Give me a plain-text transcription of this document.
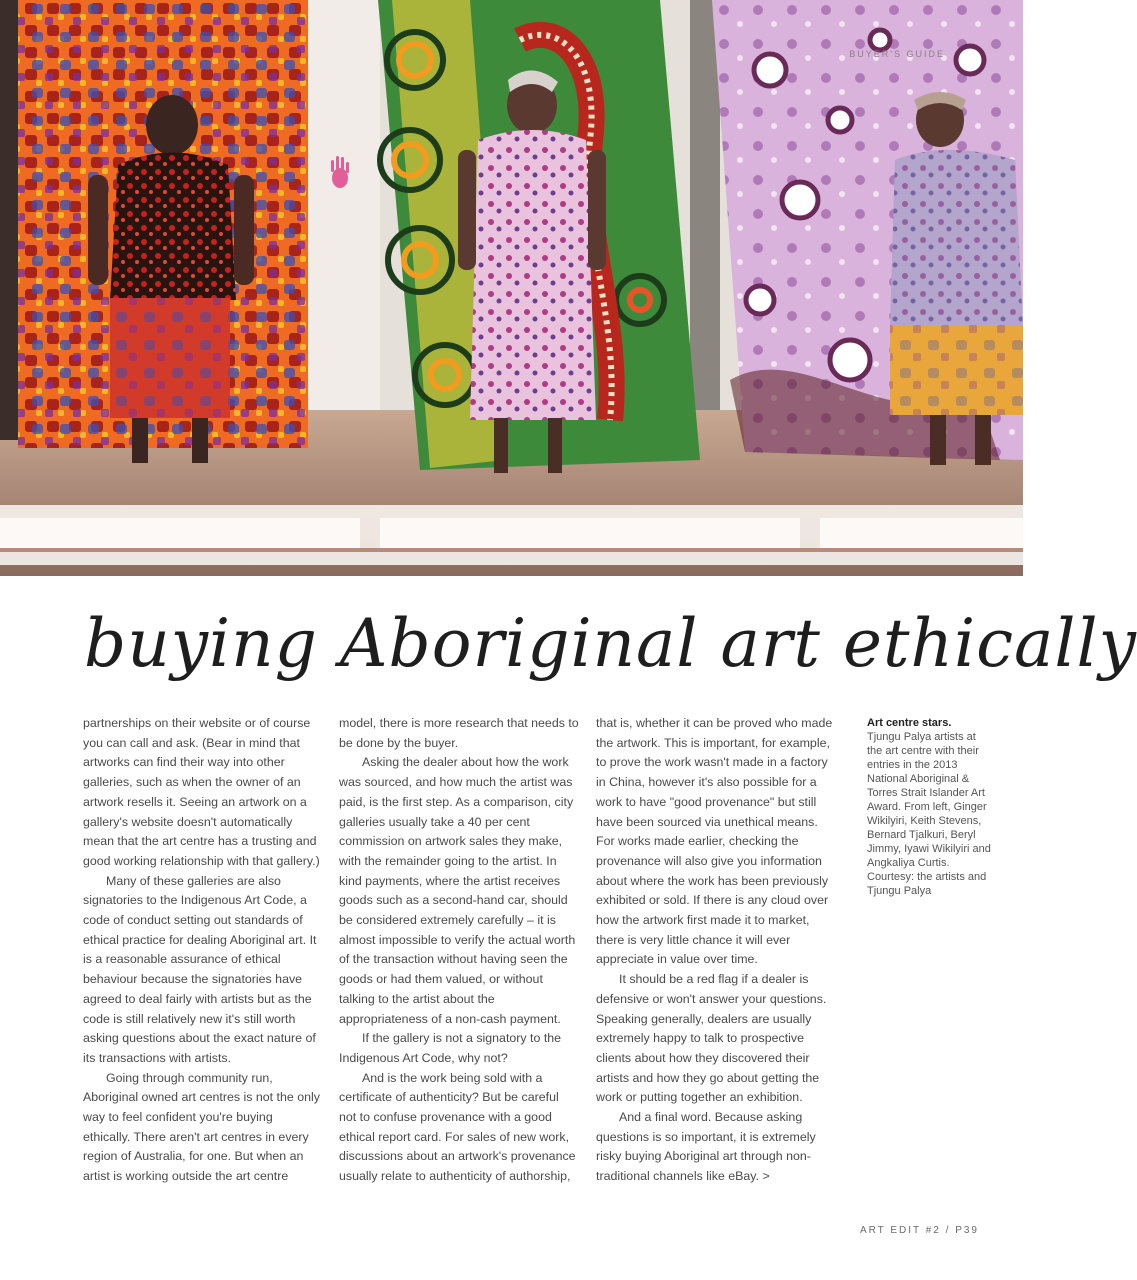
BUYER'S GUIDE
buying Aboriginal art ethically

partnerships on their website or of course you can call and ask. (Bear in mind that artworks can find their way into other galleries, such as when the owner of an artwork resells it. Seeing an artwork on a gallery's website doesn't automatically mean that the art centre has a trusting and good working relationship with that gallery.)

Many of these galleries are also signatories to the Indigenous Art Code, a code of conduct setting out standards of ethical practice for dealing Aboriginal art. It is a reasonable assurance of ethical behaviour because the signatories have agreed to deal fairly with artists but as the code is still relatively new it's still worth asking questions about the exact nature of its transactions with artists.

Going through community run, Aboriginal owned art centres is not the only way to feel confident you're buying ethically. There aren't art centres in every region of Australia, for one. But when an artist is working outside the art centre

model, there is more research that needs to be done by the buyer.

Asking the dealer about how the work was sourced, and how much the artist was paid, is the first step. As a comparison, city galleries usually take a 40 per cent commission on artwork sales they make, with the remainder going to the artist. In kind payments, where the artist receives goods such as a second-hand car, should be considered extremely carefully – it is almost impossible to verify the actual worth of the transaction without having seen the goods or had them valued, or without talking to the artist about the appropriateness of a non-cash payment.

If the gallery is not a signatory to the Indigenous Art Code, why not?

And is the work being sold with a certificate of authenticity? But be careful not to confuse provenance with a good ethical report card. For sales of new work, discussions about an artwork's provenance usually relate to authenticity of authorship,

that is, whether it can be proved who made the artwork. This is important, for example, to prove the work wasn't made in a factory in China, however it's also possible for a work to have "good provenance" but still have been sourced via unethical means. For works made earlier, checking the provenance will also give you information about where the work has been previously exhibited or sold. If there is any cloud over how the artwork first made it to market, there is very little chance it will ever appreciate in value over time.

It should be a red flag if a dealer is defensive or won't answer your questions. Speaking generally, dealers are usually extremely happy to talk to prospective clients about how they discovered their artists and how they go about getting the work or putting together an exhibition.

And a final word. Because asking questions is so important, it is extremely risky buying Aboriginal art through non-traditional channels like eBay. >

Art centre stars.
Tjungu Palya artists at the art centre with their entries in the 2013 National Aboriginal & Torres Strait Islander Art Award. From left, Ginger Wikilyiri, Keith Stevens, Bernard Tjalkuri, Beryl Jimmy, Iyawi Wikilyiri and Angkaliya Curtis. Courtesy: the artists and Tjungu Palya
ART EDIT #2 / P39
